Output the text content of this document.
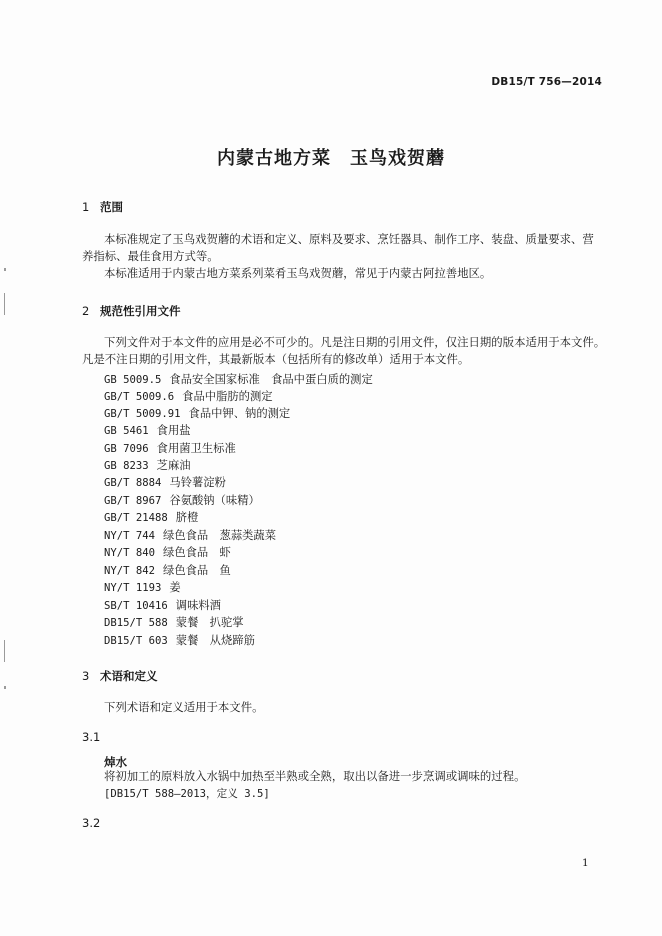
DB15/T 756—2014
内蒙古地方菜　玉鸟戏贺蘑
1 范围
本标准规定了玉鸟戏贺蘑的术语和定义、原料及要求、烹饪器具、制作工序、装盘、质量要求、营
养指标、最佳食用方式等。
本标准适用于内蒙古地方菜系列菜肴玉鸟戏贺蘑，常见于内蒙古阿拉善地区。
2 规范性引用文件
下列文件对于本文件的应用是必不可少的。凡是注日期的引用文件，仅注日期的版本适用于本文件。
凡是不注日期的引用文件，其最新版本（包括所有的修改单）适用于本文件。
GB 5009.5 食品安全国家标准　食品中蛋白质的测定
GB/T 5009.6 食品中脂肪的测定
GB/T 5009.91 食品中钾、钠的测定
GB 5461 食用盐
GB 7096 食用菌卫生标准
GB 8233 芝麻油
GB/T 8884 马铃薯淀粉
GB/T 8967 谷氨酸钠（味精）
GB/T 21488 脐橙
NY/T 744 绿色食品　葱蒜类蔬菜
NY/T 840 绿色食品　虾
NY/T 842 绿色食品　鱼
NY/T 1193 姜
SB/T 10416 调味料酒
DB15/T 588 蒙餐　扒驼掌
DB15/T 603 蒙餐　从烧蹄筋
3 术语和定义
下列术语和定义适用于本文件。
3.1
焯水
将初加工的原料放入水锅中加热至半熟或全熟，取出以备进一步烹调或调味的过程。
[DB15/T 588—2013，定义 3.5]
3.2
1
